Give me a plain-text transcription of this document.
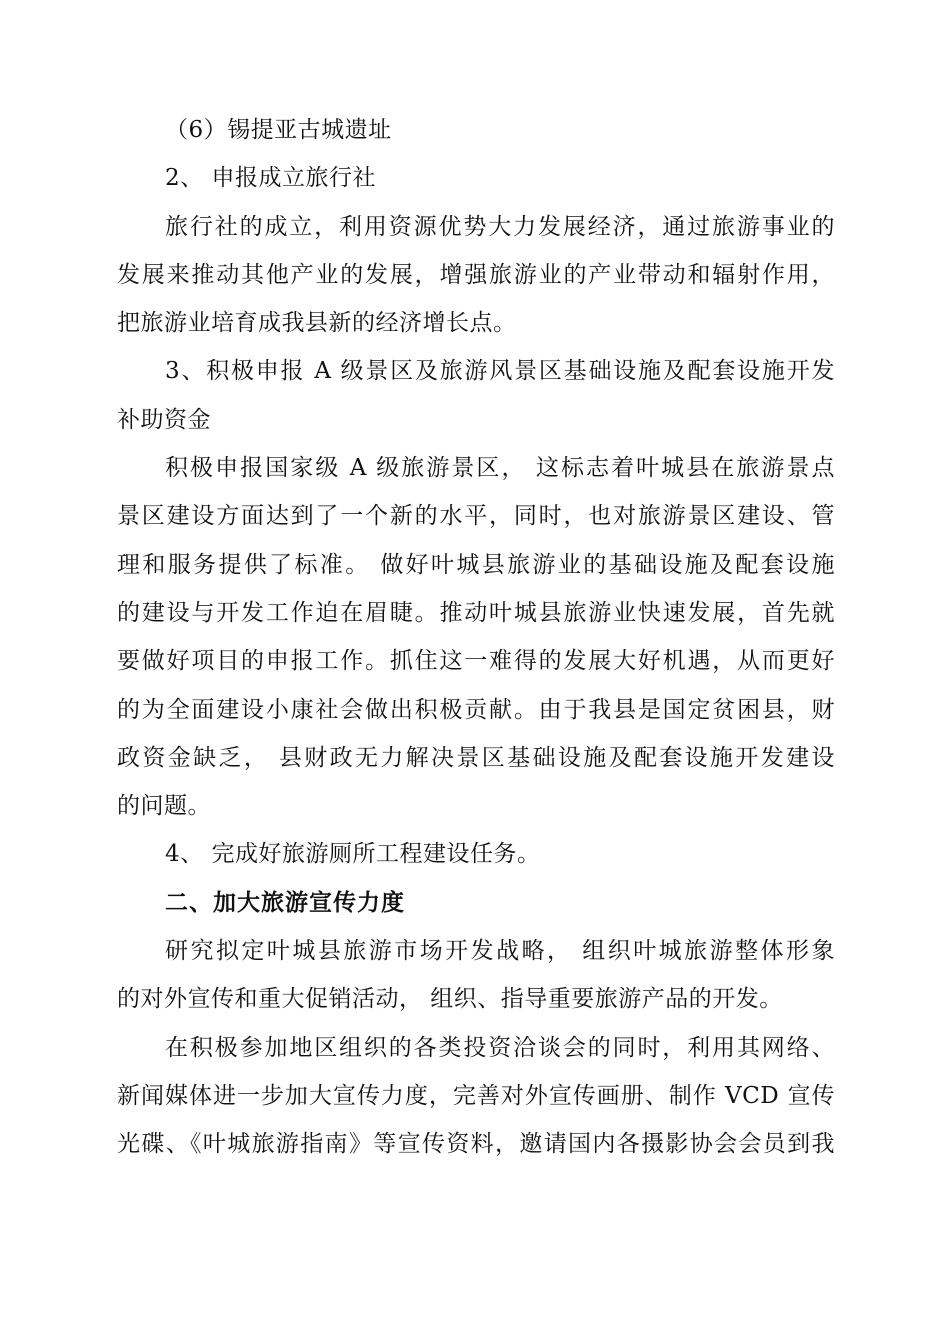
（6）锡提亚古城遗址
2、 申报成立旅行社
旅行社的成立，利用资源优势大力发展经济，通过旅游事业的
发展来推动其他产业的发展，增强旅游业的产业带动和辐射作用，
把旅游业培育成我县新的经济增长点。
3、积极申报 A 级景区及旅游风景区基础设施及配套设施开发
补助资金
积极申报国家级 A 级旅游景区， 这标志着叶城县在旅游景点
景区建设方面达到了一个新的水平，同时，也对旅游景区建设、管
理和服务提供了标准。 做好叶城县旅游业的基础设施及配套设施
的建设与开发工作迫在眉睫。推动叶城县旅游业快速发展，首先就
要做好项目的申报工作。抓住这一难得的发展大好机遇，从而更好
的为全面建设小康社会做出积极贡献。由于我县是国定贫困县，财
政资金缺乏， 县财政无力解决景区基础设施及配套设施开发建设
的问题。
4、 完成好旅游厕所工程建设任务。
二、加大旅游宣传力度
研究拟定叶城县旅游市场开发战略， 组织叶城旅游整体形象
的对外宣传和重大促销活动， 组织、指导重要旅游产品的开发。
在积极参加地区组织的各类投资洽谈会的同时，利用其网络、
新闻媒体进一步加大宣传力度，完善对外宣传画册、制作 VCD 宣传
光碟、《叶城旅游指南》等宣传资料，邀请国内各摄影协会会员到我
